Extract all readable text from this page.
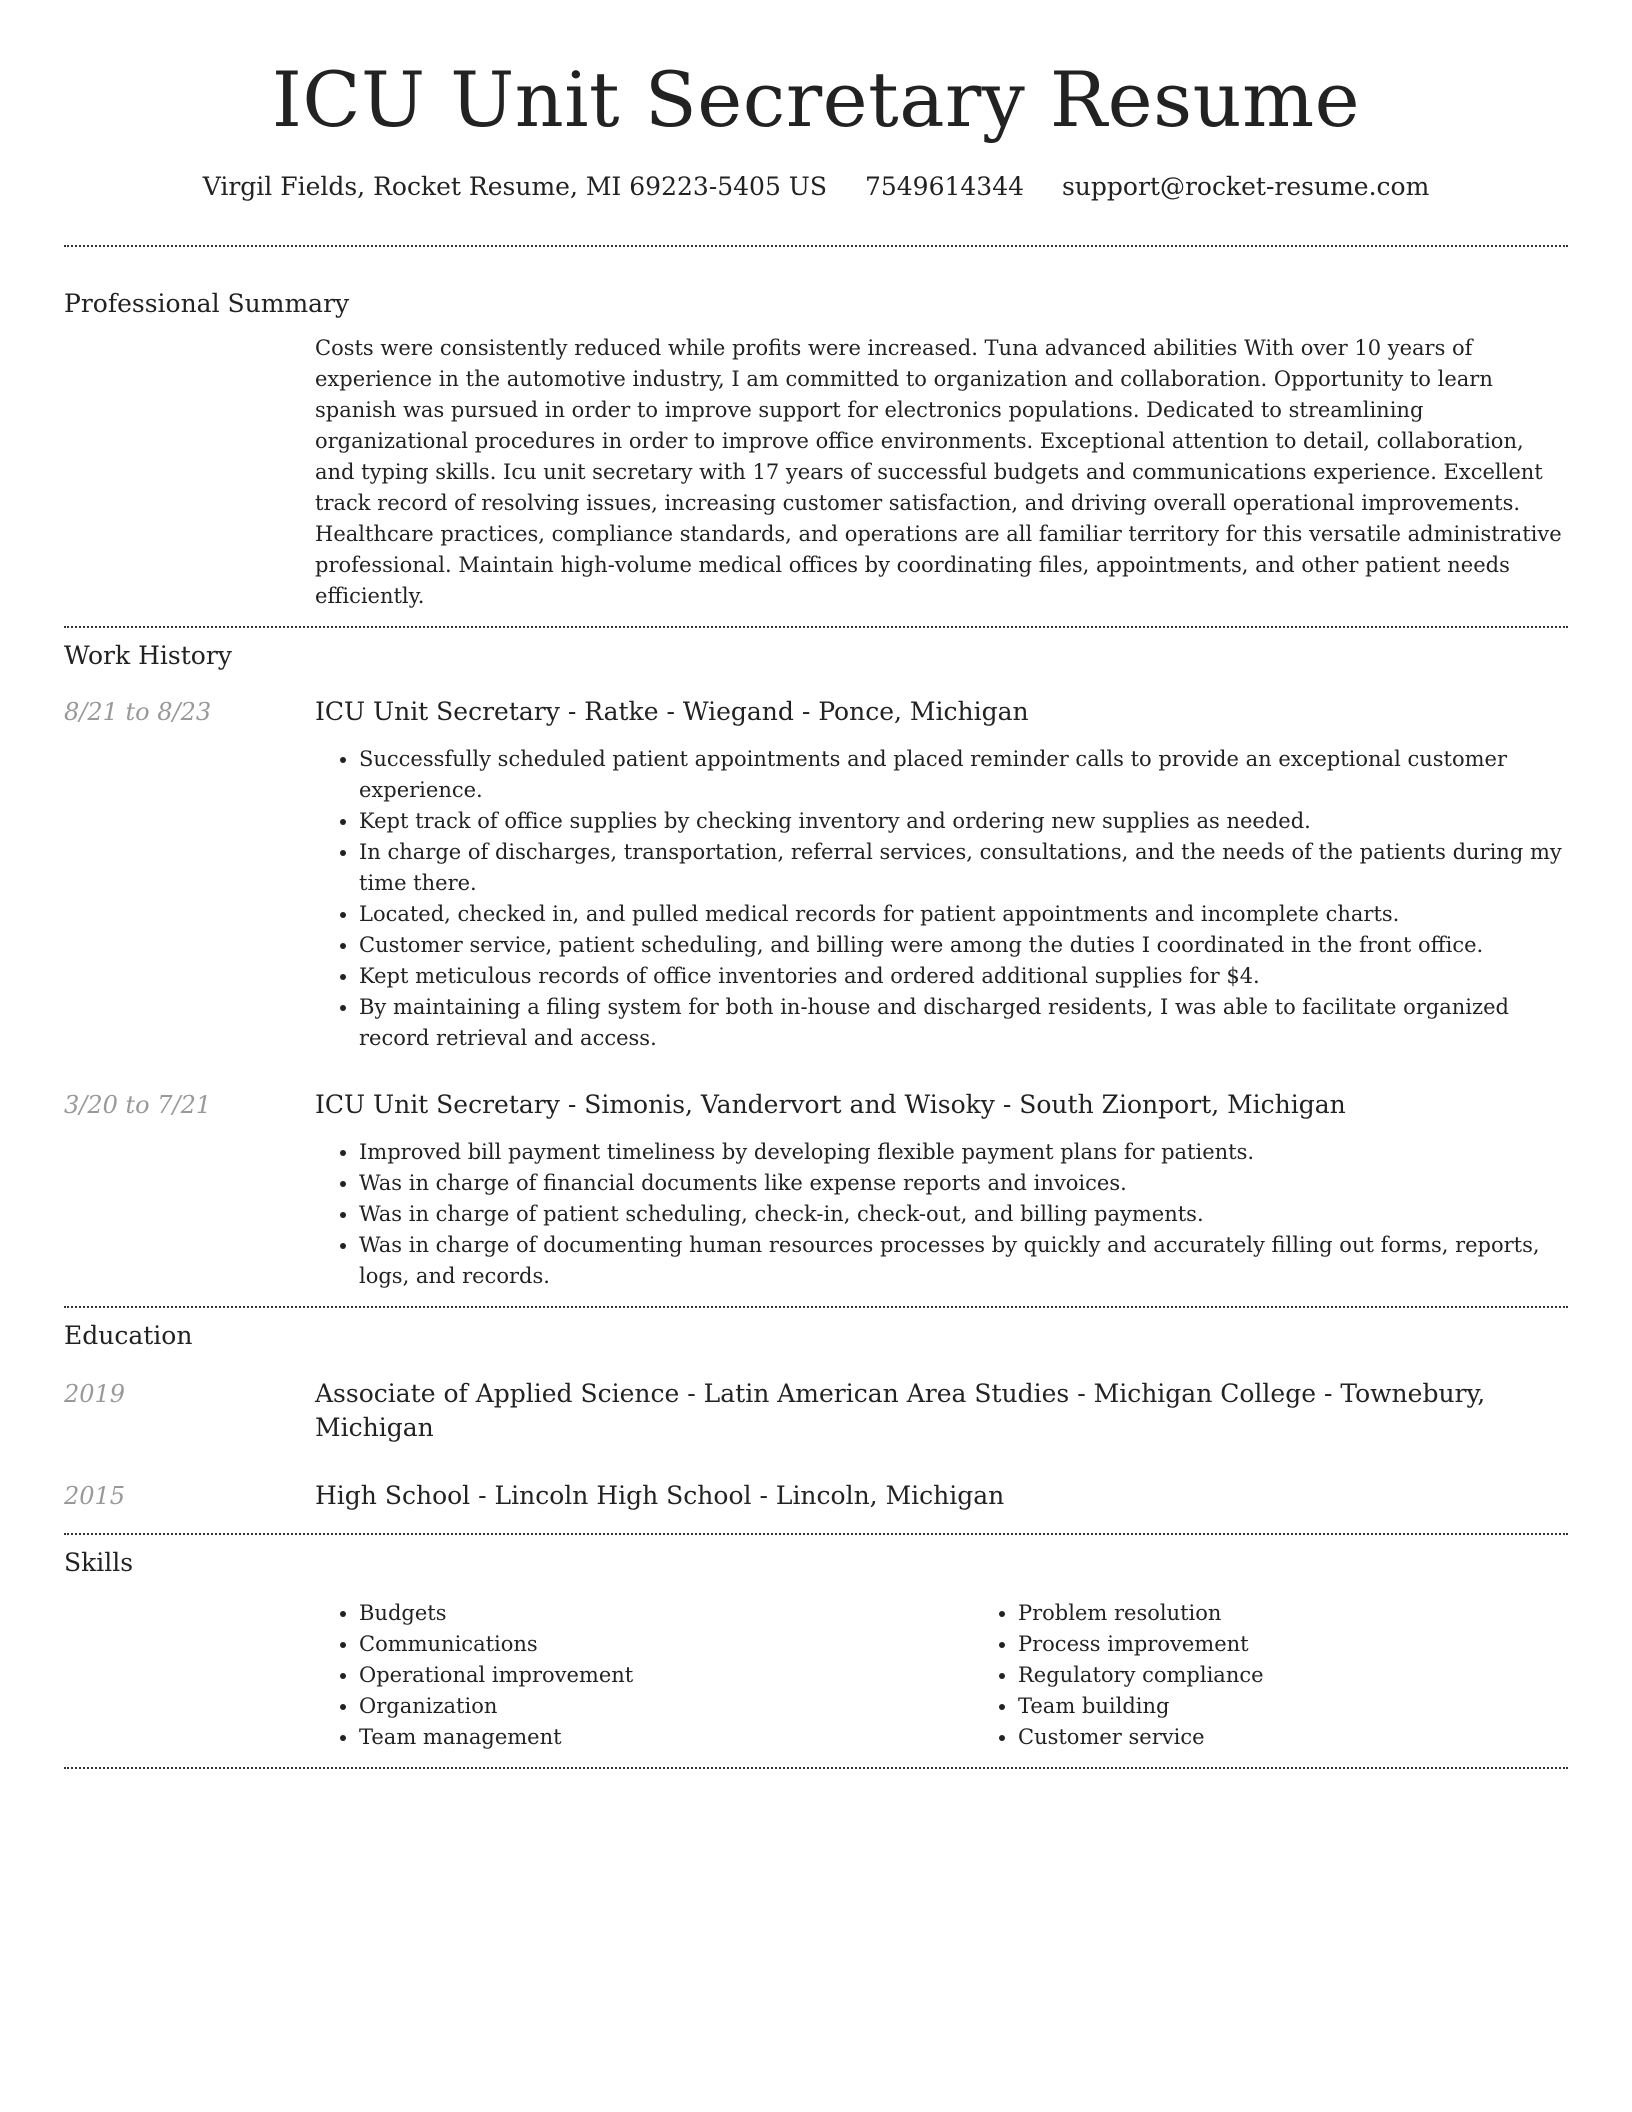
ICU Unit Secretary Resume
Virgil Fields, Rocket Resume, MI 69223-5405 US 7549614344 support@rocket-resume.com
Professional Summary

Costs were consistently reduced while profits were increased. Tuna advanced abilities With over 10 years of experience in the automotive industry, I am committed to organization and collaboration. Opportunity to learn spanish was pursued in order to improve support for electronics populations. Dedicated to streamlining organizational procedures in order to improve office environments. Exceptional attention to detail, collaboration, and typing skills. Icu unit secretary with 17 years of successful budgets and communications experience. Excellent track record of resolving issues, increasing customer satisfaction, and driving overall operational improvements. Healthcare practices, compliance standards, and operations are all familiar territory for this versatile administrative professional. Maintain high-volume medical offices by coordinating files, appointments, and other patient needs efficiently.

Work History
8/21 to 8/23	ICU Unit Secretary - Ratke - Wiegand - Ponce, Michigan
• Successfully scheduled patient appointments and placed reminder calls to provide an exceptional customer experience.
• Kept track of office supplies by checking inventory and ordering new supplies as needed.
• In charge of discharges, transportation, referral services, consultations, and the needs of the patients during my time there.
• Located, checked in, and pulled medical records for patient appointments and incomplete charts.
• Customer service, patient scheduling, and billing were among the duties I coordinated in the front office.
• Kept meticulous records of office inventories and ordered additional supplies for $4.
• By maintaining a filing system for both in-house and discharged residents, I was able to facilitate organized record retrieval and access.
3/20 to 7/21	ICU Unit Secretary - Simonis, Vandervort and Wisoky - South Zionport, Michigan
• Improved bill payment timeliness by developing flexible payment plans for patients.
• Was in charge of financial documents like expense reports and invoices.
• Was in charge of patient scheduling, check-in, check-out, and billing payments.
• Was in charge of documenting human resources processes by quickly and accurately filling out forms, reports, logs, and records.
Education
2019	Associate of Applied Science - Latin American Area Studies - Michigan College - Townebury, Michigan
2015	High School - Lincoln High School - Lincoln, Michigan
Skills
• Budgets
• Communications
• Operational improvement
• Organization
• Team management
• Problem resolution
• Process improvement
• Regulatory compliance
• Team building
• Customer service
